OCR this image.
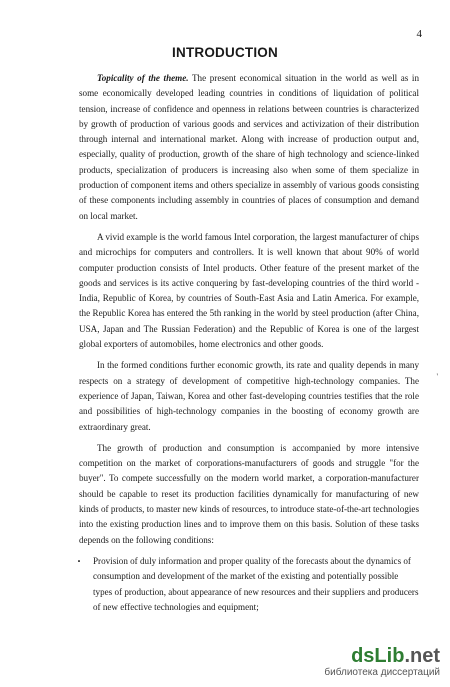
4
INTRODUCTION

Topicality of the theme. The present economical situation in the world as well as in some economically developed leading countries in conditions of liquidation of political tension, increase of confidence and openness in relations between countries is characterized by growth of production of various goods and services and activization of their distribution through internal and international market. Along with increase of production output and, especially, quality of production, growth of the share of high technology and science-linked products, specialization of producers is increasing also when some of them specialize in production of component items and others specialize in assembly of various goods consisting of these components including assembly in countries of places of consumption and demand on local market.

A vivid example is the world famous Intel corporation, the largest manufacturer of chips and microchips for computers and controllers. It is well known that about 90% of world computer production consists of Intel products. Other feature of the present market of the goods and services is its active conquering by fast-developing countries of the third world - India, Republic of Korea, by countries of South-East Asia and Latin America. For example, the Republic Korea has entered the 5th ranking in the world by steel production (after China, USA, Japan and The Russian Federation) and the Republic of Korea is one of the largest global exporters of automobiles, home electronics and other goods.

In the formed conditions further economic growth, its rate and quality depends in many respects on a strategy of development of competitive high-technology companies. The experience of Japan, Taiwan, Korea and other fast-developing countries testifies that the role and possibilities of high-technology companies in the boosting of economy growth are extraordinary great.

The growth of production and consumption is accompanied by more intensive competition on the market of corporations-manufacturers of goods and struggle "for the buyer". To compete successfully on the modern world market, a corporation-manufacturer should be capable to reset its production facilities dynamically for manufacturing of new kinds of products, to master new kinds of resources, to introduce state-of-the-art technologies into the existing production lines and to improve them on this basis. Solution of these tasks depends on the following conditions:

· Provision of duly information and proper quality of the forecasts about the dynamics of consumption and development of the market of the existing and potentially possible types of production, about appearance of new resources and their suppliers and producers of new effective technologies and equipment;
'
dsLib.net
библиотека диссертаций
